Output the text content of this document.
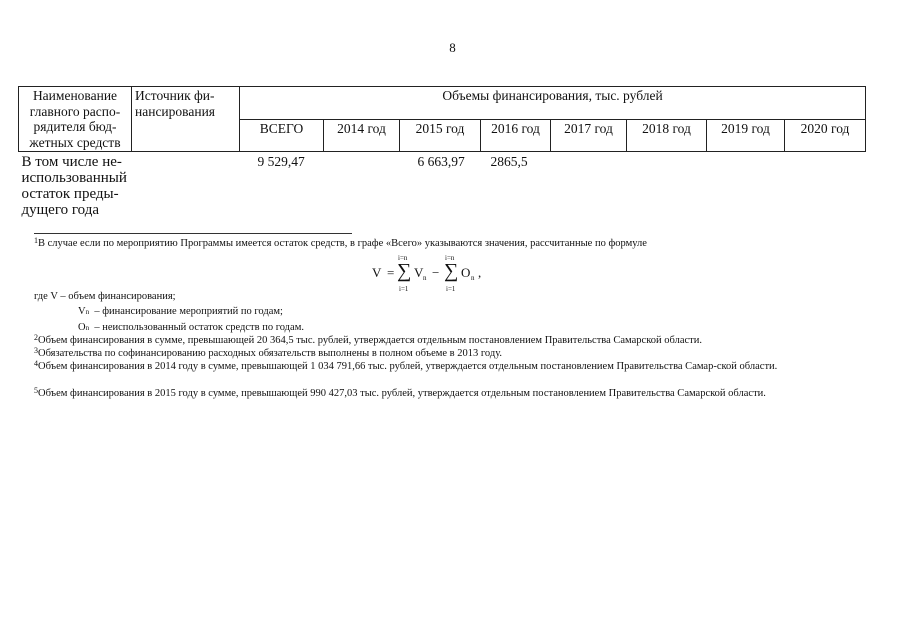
8
Наименование главного распо-рядителя бюд-жетных средств	Источник фи-нансирования	Объемы финансирования, тыс. рублей							
		ВСЕГО	2014 год	2015 год	2016 год	2017 год	2018 год	2019 год	2020 год
В том числе не-использованный остаток преды-дущего года		9 529,47		6 663,97	2865,5				
$^1$В случае если по мероприятию Программы имеется остаток средств, в графе «Всего» указываются значения, рассчитанные по формуле
V =
i=n
∑
i=1
V n −
i=n
∑
i=1
O n ,
где V – объем финансирования;
Vn – финансирование мероприятий по годам;
On – неиспользованный остаток средств по годам.
$^2$Объем финансирования в сумме, превышающей 20 364,5 тыс. рублей, утверждается отдельным постановлением Правительства Самарской области.
$^3$Обязательства по софинансированию расходных обязательств выполнены в полном объеме в 2013 году.
$^4$Объем финансирования в 2014 году в сумме, превышающей 1 034 791,66 тыс. рублей, утверждается отдельным постановлением Правительства Самар-ской области.
$^5$Объем финансирования в 2015 году в сумме, превышающей 990 427,03 тыс. рублей, утверждается отдельным постановлением Правительства Самарской области.
